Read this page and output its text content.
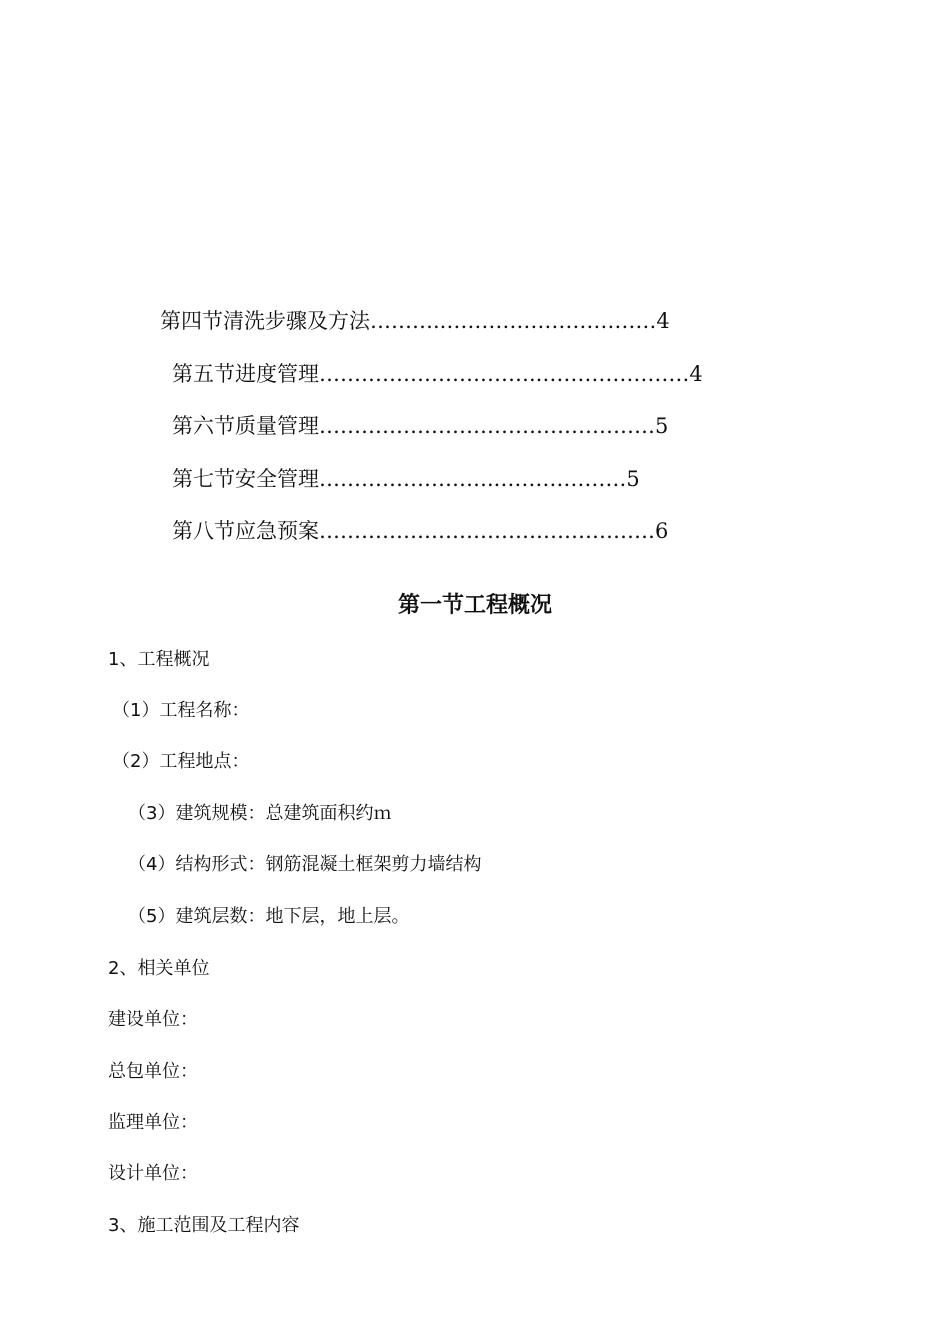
第四节清洗步骤及方法………..…………………………4
第五节进度管理…………………………..…………………4
第六节质量管理…………………………………………5
第七节安全管理……………………..………………5
第八节应急预案…………………………………………6
第一节工程概况
1、工程概况
（1）工程名称：
（2）工程地点：
（3）建筑规模：总建筑面积约ｍ
（4）结构形式：钢筋混凝土框架剪力墙结构
（5）建筑层数：地下层，地上层。
2、相关单位
建设单位：
总包单位：
监理单位：
设计单位：
3、施工范围及工程内容
